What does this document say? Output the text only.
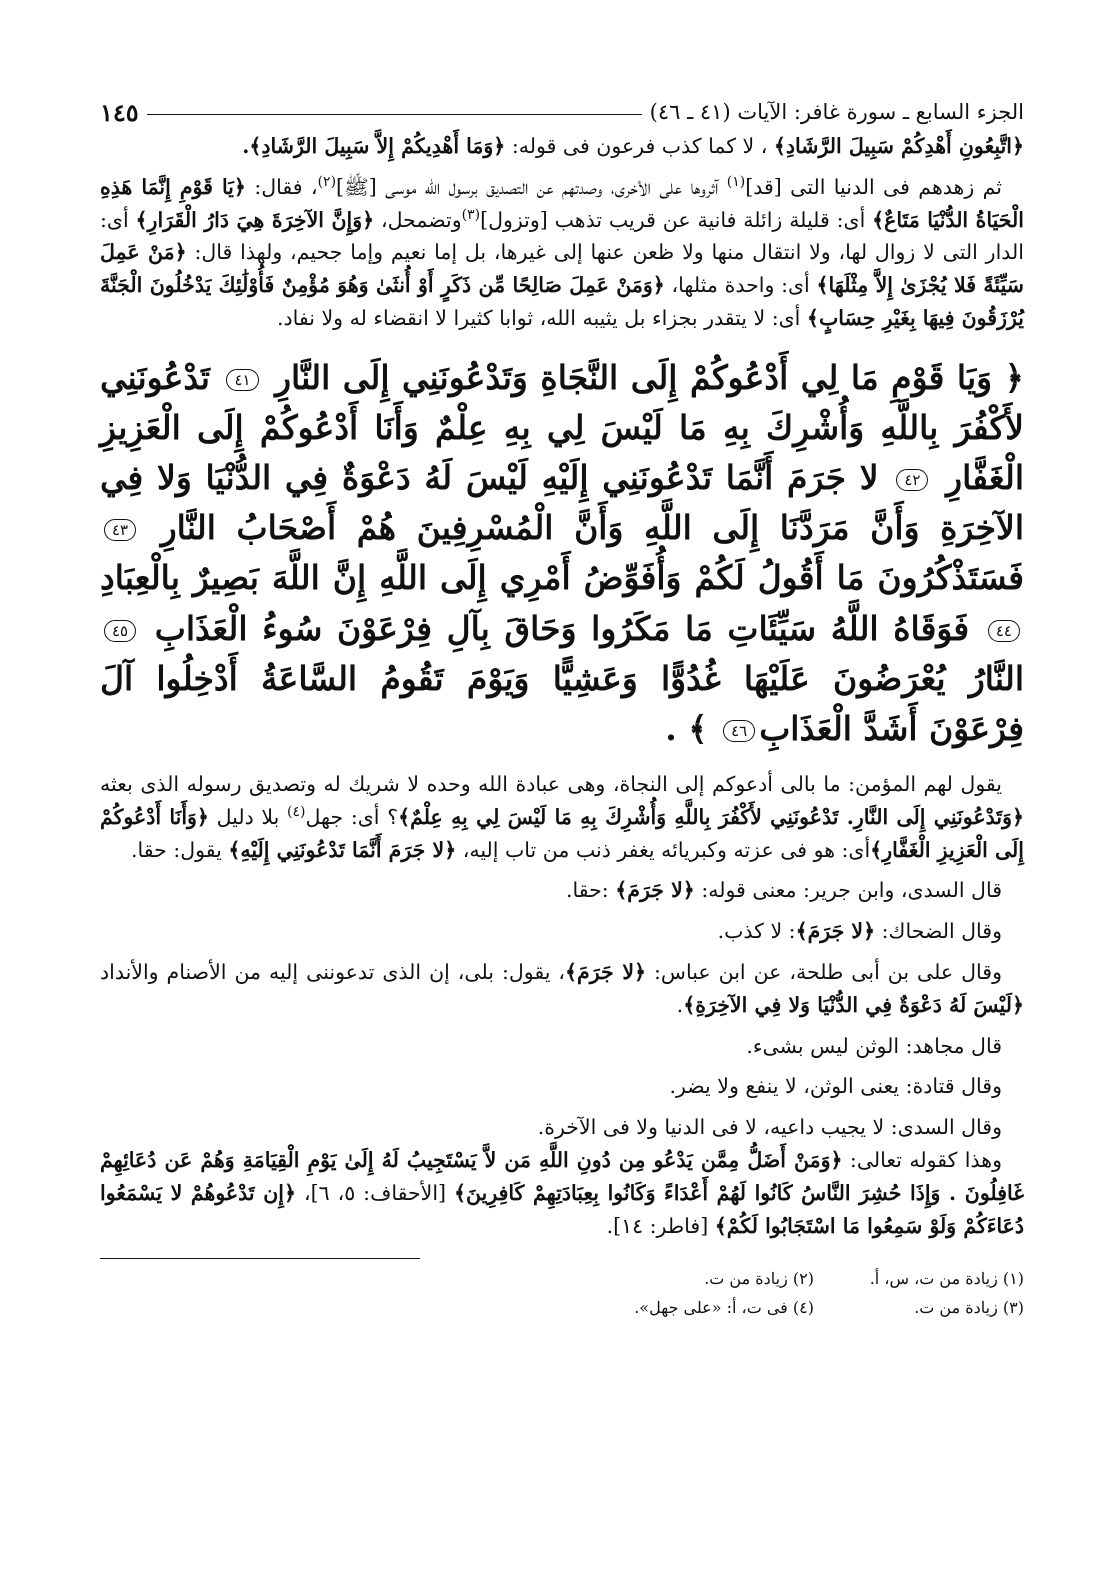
الجزء السابع ـ سورة غافر: الآيات (٤١ ـ ٤٦)
١٤٥

﴿اتَّبِعُونِ أَهْدِكُمْ سَبِيلَ الرَّشَادِ﴾ ، لا كما كذب فرعون فى قوله: ﴿وَمَا أَهْدِيكُمْ إِلاَّ سَبِيلَ الرَّشَادِ﴾.

ثم زهدهم فى الدنيا التى [قد]$^{(١)}$ آثروها على الأخرى، وصدتهم عن التصديق برسول الله موسى [ﷺ]$^{(٢)}$، فقال: ﴿يَا قَوْمِ إِنَّمَا هَذِهِ الْحَيَاةُ الدُّنْيَا مَتَاعٌ﴾ أى: قليلة زائلة فانية عن قريب تذهب [وتزول]$^{(٣)}$وتضمحل، ﴿وَإِنَّ الآخِرَةَ هِيَ دَارُ الْقَرَارِ﴾ أى: الدار التى لا زوال لها، ولا انتقال منها ولا ظعن عنها إلى غيرها، بل إما نعيم وإما جحيم، ولهذا قال: ﴿مَنْ عَمِلَ سَيِّئَةً فَلا يُجْزَىٰ إِلاَّ مِثْلَهَا﴾ أى: واحدة مثلها، ﴿وَمَنْ عَمِلَ صَالِحًا مِّن ذَكَرٍ أَوْ أُنثَىٰ وَهُوَ مُؤْمِنٌ فَأُوْلَٰئِكَ يَدْخُلُونَ الْجَنَّةَ يُرْزَقُونَ فِيهَا بِغَيْرِ حِسَابٍ﴾ أى: لا يتقدر بجزاء بل يثيبه الله، ثوابا كثيرا لا انقضاء له ولا نفاد.

﴿ وَيَا قَوْمِ مَا لِي أَدْعُوكُمْ إِلَى النَّجَاةِ وَتَدْعُونَنِي إِلَى النَّارِ ٤١ تَدْعُونَنِي لأَكْفُرَ بِاللَّهِ وَأُشْرِكَ بِهِ مَا لَيْسَ لِي بِهِ عِلْمٌ وَأَنَا أَدْعُوكُمْ إِلَى الْعَزِيزِ الْغَفَّارِ ٤٢ لا جَرَمَ أَنَّمَا تَدْعُونَنِي إِلَيْهِ لَيْسَ لَهُ دَعْوَةٌ فِي الدُّنْيَا وَلا فِي الآخِرَةِ وَأَنَّ مَرَدَّنَا إِلَى اللَّهِ وَأَنَّ الْمُسْرِفِينَ هُمْ أَصْحَابُ النَّارِ ٤٣ فَسَتَذْكُرُونَ مَا أَقُولُ لَكُمْ وَأُفَوِّضُ أَمْرِي إِلَى اللَّهِ إِنَّ اللَّهَ بَصِيرٌ بِالْعِبَادِ ٤٤ فَوَقَاهُ اللَّهُ سَيِّئَاتِ مَا مَكَرُوا وَحَاقَ بِآلِ فِرْعَوْنَ سُوءُ الْعَذَابِ ٤٥ النَّارُ يُعْرَضُونَ عَلَيْهَا غُدُوًّا وَعَشِيًّا وَيَوْمَ تَقُومُ السَّاعَةُ أَدْخِلُوا آلَ فِرْعَوْنَ أَشَدَّ الْعَذَابِ٤٦ ﴾ .

يقول لهم المؤمن: ما بالى أدعوكم إلى النجاة، وهى عبادة الله وحده لا شريك له وتصديق رسوله الذى بعثه ﴿وَتَدْعُونَنِي إِلَى النَّارِ. تَدْعُونَنِي لأَكْفُرَ بِاللَّهِ وَأُشْرِكَ بِهِ مَا لَيْسَ لِي بِهِ عِلْمٌ﴾؟ أى: جهل$^{(٤)}$ بلا دليل ﴿وَأَنَا أَدْعُوكُمْ إِلَى الْعَزِيزِ الْغَفَّارِ﴾أى: هو فى عزته وكبريائه يغفر ذنب من تاب إليه، ﴿لا جَرَمَ أَنَّمَا تَدْعُونَنِي إِلَيْهِ﴾ يقول: حقا.

قال السدى، وابن جرير: معنى قوله: ﴿لا جَرَمَ﴾ :حقا.

وقال الضحاك: ﴿لا جَرَمَ﴾: لا كذب.

وقال على بن أبى طلحة، عن ابن عباس: ﴿لا جَرَمَ﴾، يقول: بلى، إن الذى تدعوننى إليه من الأصنام والأنداد ﴿لَيْسَ لَهُ دَعْوَةٌ فِي الدُّنْيَا وَلا فِي الآخِرَةِ﴾.

قال مجاهد: الوثن ليس بشىء.

وقال قتادة: يعنى الوثن، لا ينفع ولا يضر.

وقال السدى: لا يجيب داعيه، لا فى الدنيا ولا فى الآخرة.

وهذا كقوله تعالى: ﴿وَمَنْ أَضَلُّ مِمَّن يَدْعُو مِن دُونِ اللَّهِ مَن لاَّ يَسْتَجِيبُ لَهُ إِلَىٰ يَوْمِ الْقِيَامَةِ وَهُمْ عَن دُعَائِهِمْ غَافِلُونَ . وَإِذَا حُشِرَ النَّاسُ كَانُوا لَهُمْ أَعْدَاءً وَكَانُوا بِعِبَادَتِهِمْ كَافِرِينَ﴾ [الأحقاف: ٥، ٦]، ﴿إِن تَدْعُوهُمْ لا يَسْمَعُوا دُعَاءَكُمْ وَلَوْ سَمِعُوا مَا اسْتَجَابُوا لَكُمْ﴾ [فاطر: ١٤].

(١) زيادة من ت، س، أ.
(٢) زيادة من ت.
(٣) زيادة من ت.
(٤) فى ت، أ: «على جهل».
